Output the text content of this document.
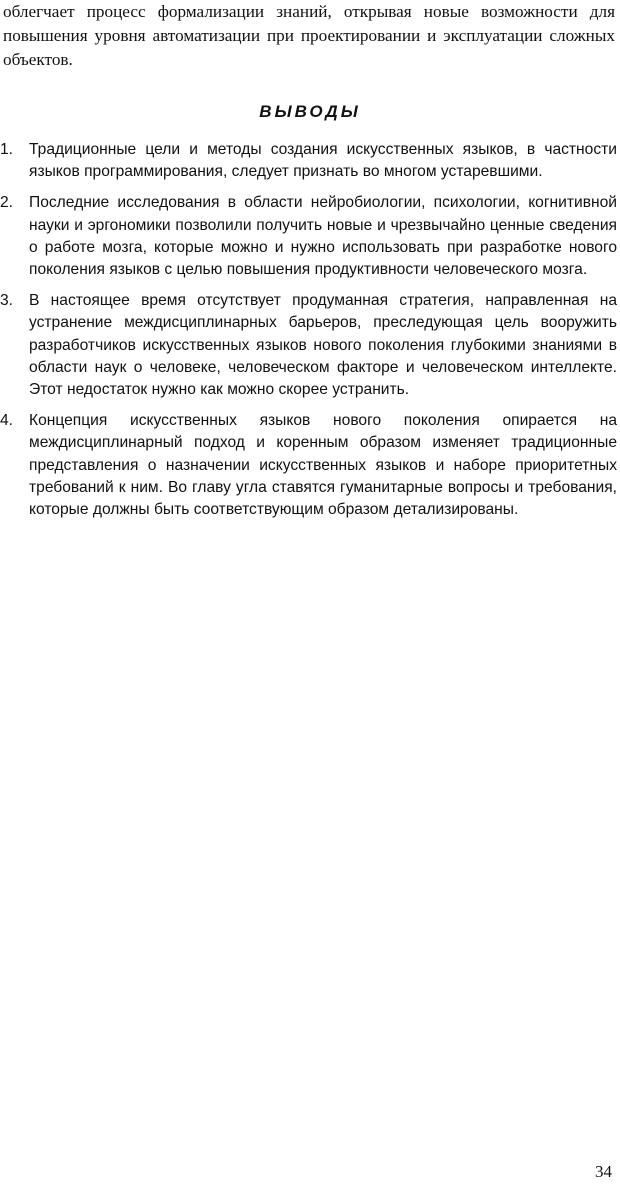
облегчает процесс формализации знаний, открывая новые возможности для повышения уровня автоматизации при проектировании и эксплуатации сложных объектов.

ВЫВОДЫ
1. Традиционные цели и методы создания искусственных языков, в частности языков программирования, следует признать во многом устаревшими.
2. Последние исследования в области нейробиологии, психологии, когнитивной науки и эргономики позволили получить новые и чрезвычайно ценные сведения о работе мозга, которые можно и нужно использовать при разработке нового поколения языков с целью повышения продуктивности человеческого мозга.
3. В настоящее время отсутствует продуманная стратегия, направленная на устранение междисциплинарных барьеров, преследующая цель вооружить разработчиков искусственных языков нового поколения глубокими знаниями в области наук о человеке, человеческом факторе и человеческом интеллекте. Этот недостаток нужно как можно скорее устранить.
4. Концепция искусственных языков нового поколения опирается на междисциплинарный подход и коренным образом изменяет традиционные представления о назначении искусственных языков и наборе приоритетных требований к ним. Во главу угла ставятся гуманитарные вопросы и требования, которые должны быть соответствующим образом детализированы.

34
